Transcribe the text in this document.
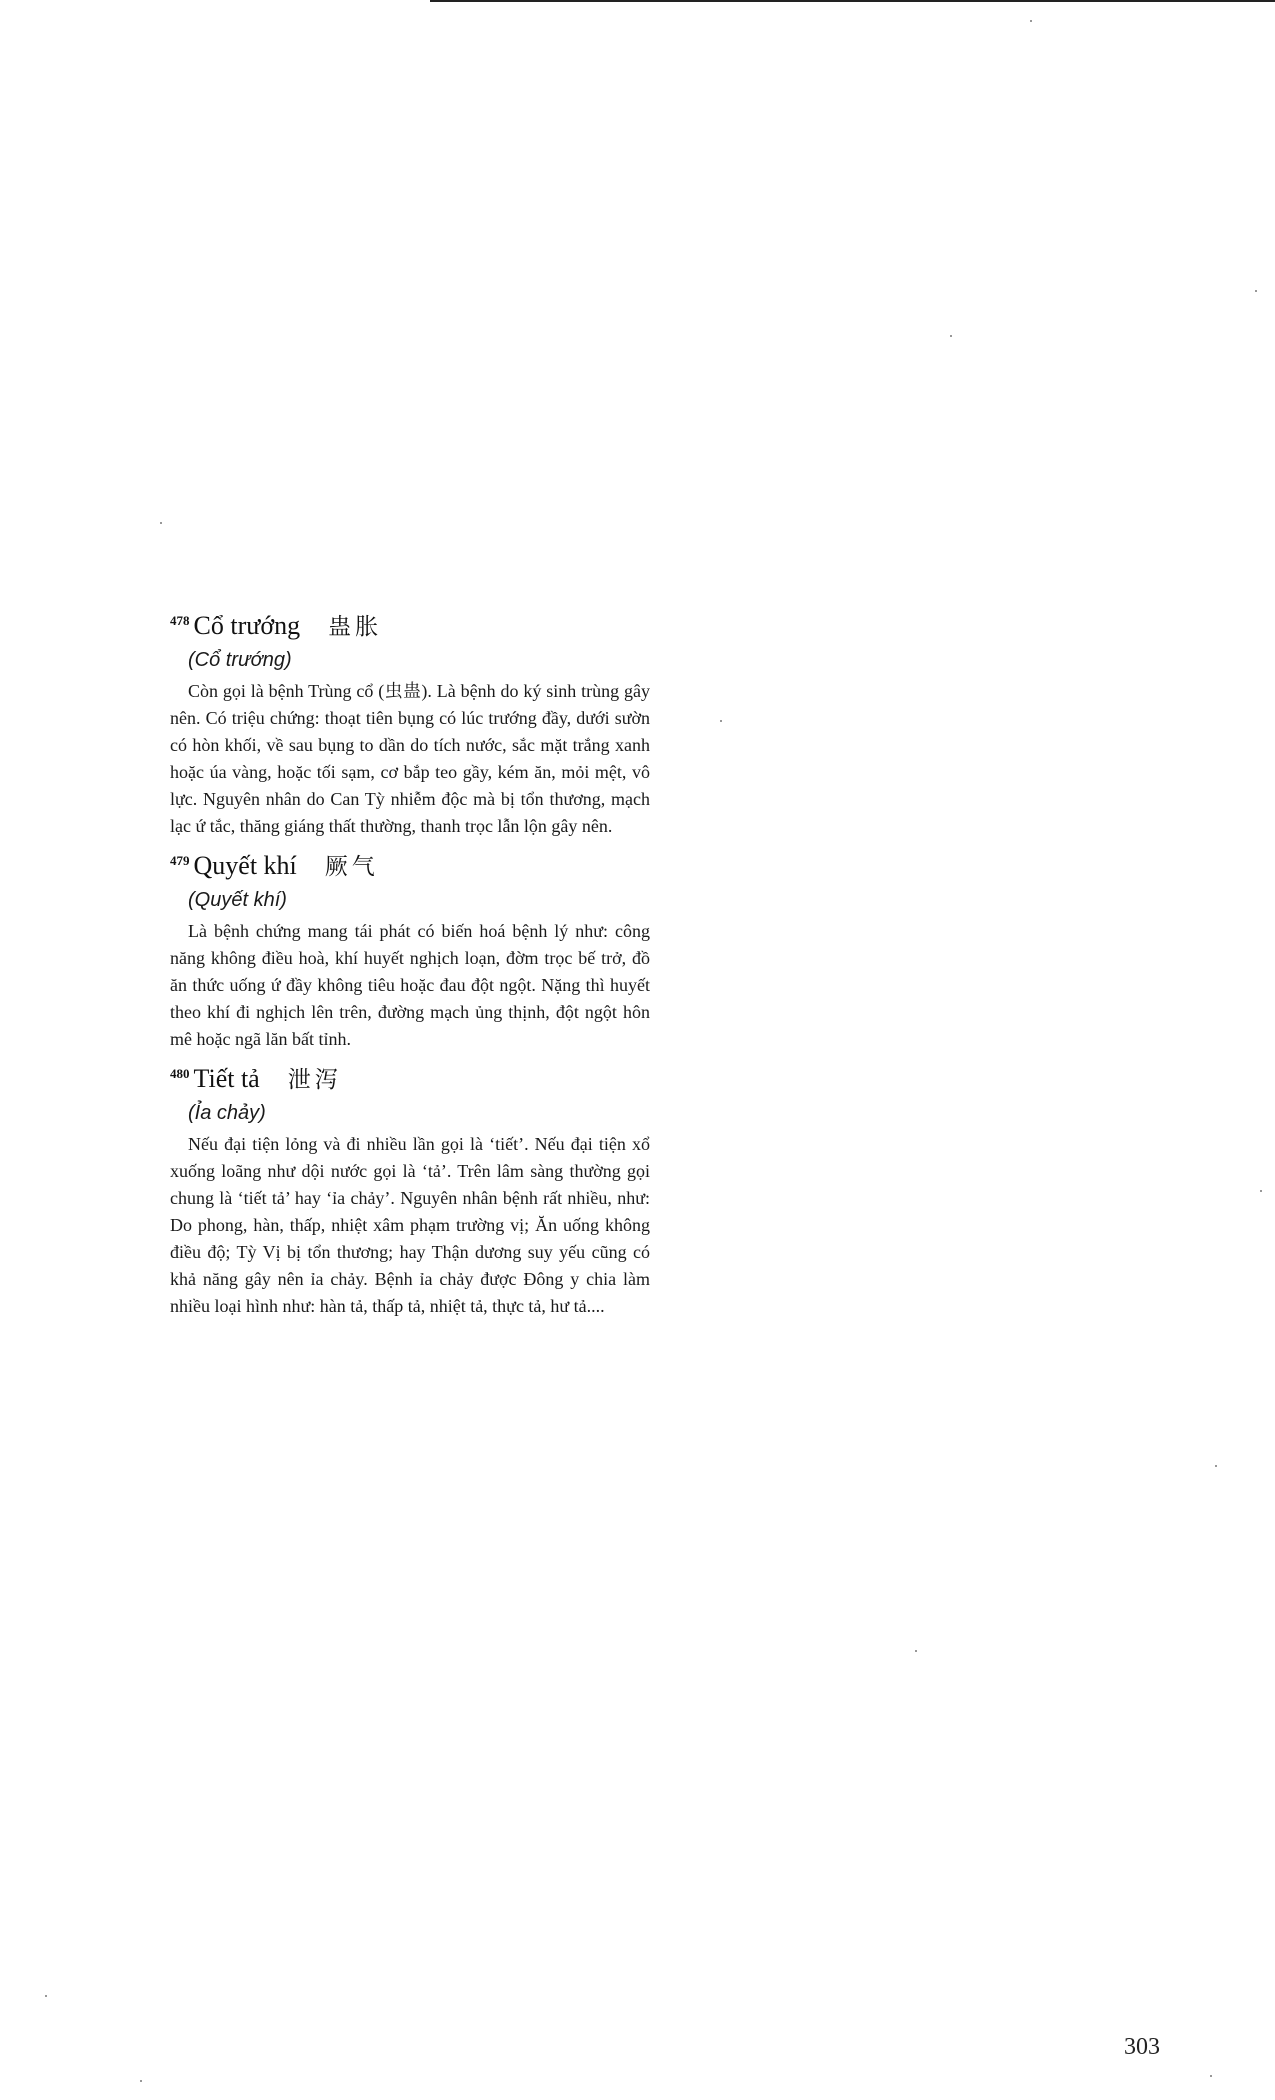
478 Cổ trướng 蛊胀
(Cổ trướng)

Còn gọi là bệnh Trùng cổ (虫蛊). Là bệnh do ký sinh trùng gây nên. Có triệu chứng: thoạt tiên bụng có lúc trướng đầy, dưới sườn có hòn khối, về sau bụng to dần do tích nước, sắc mặt trắng xanh hoặc úa vàng, hoặc tối sạm, cơ bắp teo gầy, kém ăn, mỏi mệt, vô lực. Nguyên nhân do Can Tỳ nhiễm độc mà bị tổn thương, mạch lạc ứ tắc, thăng giáng thất thường, thanh trọc lẫn lộn gây nên.

479 Quyết khí 厥气
(Quyết khí)

Là bệnh chứng mang tái phát có biến hoá bệnh lý như: công năng không điều hoà, khí huyết nghịch loạn, đờm trọc bế trở, đồ ăn thức uống ứ đầy không tiêu hoặc đau đột ngột. Nặng thì huyết theo khí đi nghịch lên trên, đường mạch ủng thịnh, đột ngột hôn mê hoặc ngã lăn bất tỉnh.

480 Tiết tả 泄泻
(Ỉa chảy)

Nếu đại tiện lỏng và đi nhiều lần gọi là ‘tiết’. Nếu đại tiện xổ xuống loãng như dội nước gọi là ‘tả’. Trên lâm sàng thường gọi chung là ‘tiết tả’ hay ‘ỉa chảy’. Nguyên nhân bệnh rất nhiều, như: Do phong, hàn, thấp, nhiệt xâm phạm trường vị; Ăn uống không điều độ; Tỳ Vị bị tổn thương; hay Thận dương suy yếu cũng có khả năng gây nên ỉa chảy. Bệnh ỉa chảy được Đông y chia làm nhiều loại hình như: hàn tả, thấp tả, nhiệt tả, thực tả, hư tả....

303
